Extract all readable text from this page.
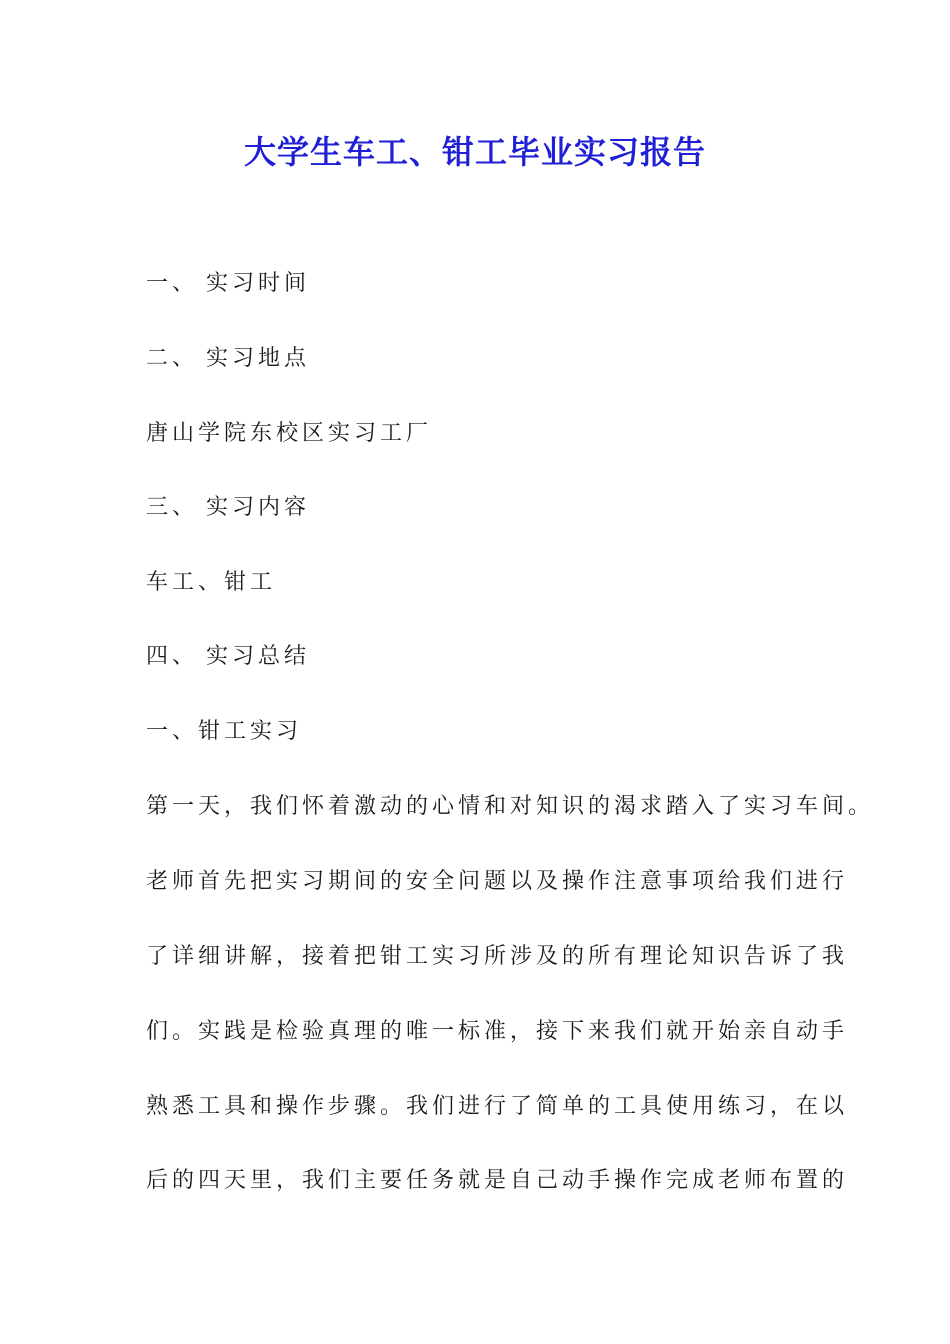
大学生车工、钳工毕业实习报告

一、 实习时间

二、 实习地点

唐山学院东校区实习工厂

三、 实习内容

车工、钳工

四、 实习总结

一、钳工实习

第一天，我们怀着激动的心情和对知识的渴求踏入了实习车间。

老师首先把实习期间的安全问题以及操作注意事项给我们进行

了详细讲解，接着把钳工实习所涉及的所有理论知识告诉了我

们。实践是检验真理的唯一标准，接下来我们就开始亲自动手

熟悉工具和操作步骤。我们进行了简单的工具使用练习，在以

后的四天里，我们主要任务就是自己动手操作完成老师布置的
